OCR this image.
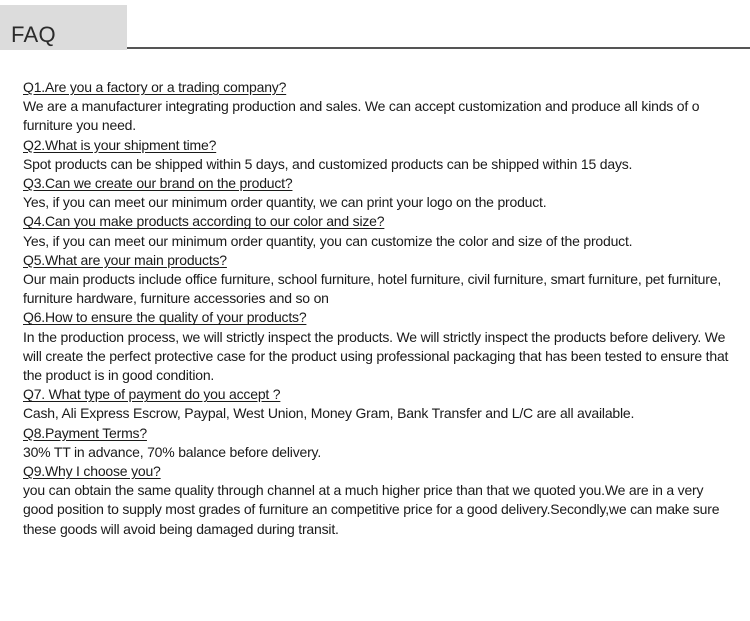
FAQ
Q1.Are you a factory or a trading company?
We are a manufacturer integrating production and sales. We can accept customization and produce all kinds of o furniture you need.
Q2.What is your shipment time?
Spot products can be shipped within 5 days, and customized products can be shipped within 15 days.
Q3.Can we create our brand on the product?
Yes, if you can meet our minimum order quantity, we can print your logo on the product.
Q4.Can you make products according to our color and size?
Yes, if you can meet our minimum order quantity, you can customize the color and size of the product.
Q5.What are your main products?
Our main products include office furniture, school furniture, hotel furniture, civil furniture, smart furniture, pet furniture, furniture hardware, furniture accessories and so on
Q6.How to ensure the quality of your products?
In the production process, we will strictly inspect the products. We will strictly inspect the products before delivery. We will create the perfect protective case for the product using professional packaging that has been tested to ensure that the product is in good condition.
Q7. What type of payment do you accept ?
Cash, Ali Express Escrow, Paypal, West Union, Money Gram, Bank Transfer and L/C are all available.
Q8.Payment Terms?
30% TT in advance, 70% balance before delivery.
Q9.Why I choose you?
you can obtain the same quality through channel at a much higher price than that we quoted you.We are in a very good position to supply most grades of furniture an competitive price for a good delivery.Secondly,we can make sure these goods will avoid being damaged during transit.
